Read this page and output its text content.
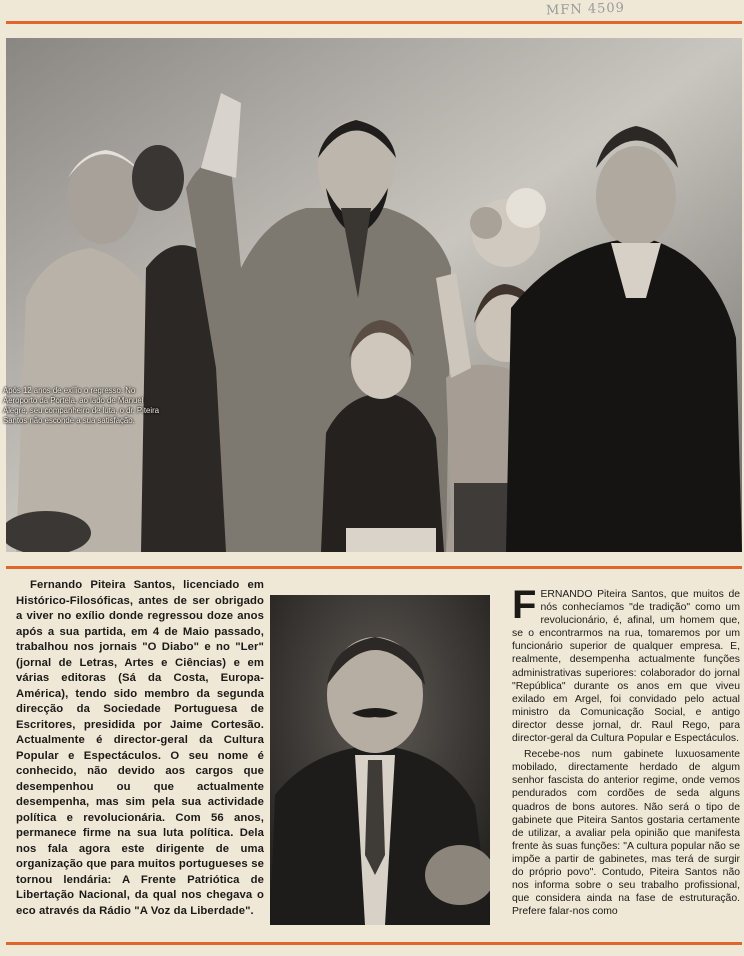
MFN 4509
Após 12 anos de exílio o regresso. No Aeroporto da Portela, ao lado de Manuel Alegre, seu companheiro de luta, o dr. Piteira Santos não esconde a sua satisfação.

Fernando Piteira Santos, licenciado em Histórico-Filosóficas, antes de ser obrigado a viver no exílio donde regressou doze anos após a sua partida, em 4 de Maio passado, trabalhou nos jornais "O Diabo" e no "Ler" (jornal de Letras, Artes e Ciências) e em várias editoras (Sá da Costa, Europa-América), tendo sido membro da segunda direcção da Sociedade Portuguesa de Escritores, presidida por Jaime Cortesão. Actualmente é director-geral da Cultura Popular e Espectáculos. O seu nome é conhecido, não devido aos cargos que desempenhou ou que actualmente desempenha, mas sim pela sua actividade política e revolucionária. Com 56 anos, permanece firme na sua luta política. Dela nos fala agora este dirigente de uma organização que para muitos portugueses se tornou lendária: A Frente Patriótica de Libertação Nacional, da qual nos chegava o eco através da Rádio "A Voz da Liberdade".

FERNANDO Piteira Santos, que muitos de nós conhecíamos "de tradição" como um revolucionário, é, afinal, um homem que, se o encontrarmos na rua, tomaremos por um funcionário superior de qualquer empresa. E, realmente, desempenha actualmente funções administrativas superiores: colaborador do jornal "República" durante os anos em que viveu exilado em Argel, foi convidado pelo actual ministro da Comunicação Social, e antigo director desse jornal, dr. Raul Rego, para director-geral da Cultura Popular e Espectáculos.

Recebe-nos num gabinete luxuosamente mobilado, directamente herdado de algum senhor fascista do anterior regime, onde vemos pendurados com cordões de seda alguns quadros de bons autores. Não será o tipo de gabinete que Piteira Santos gostaria certamente de utilizar, a avaliar pela opinião que manifesta frente às suas funções: "A cultura popular não se impõe a partir de gabinetes, mas terá de surgir do próprio povo". Contudo, Piteira Santos não nos informa sobre o seu trabalho profissional, que considera ainda na fase de estruturação. Prefere falar-nos como
